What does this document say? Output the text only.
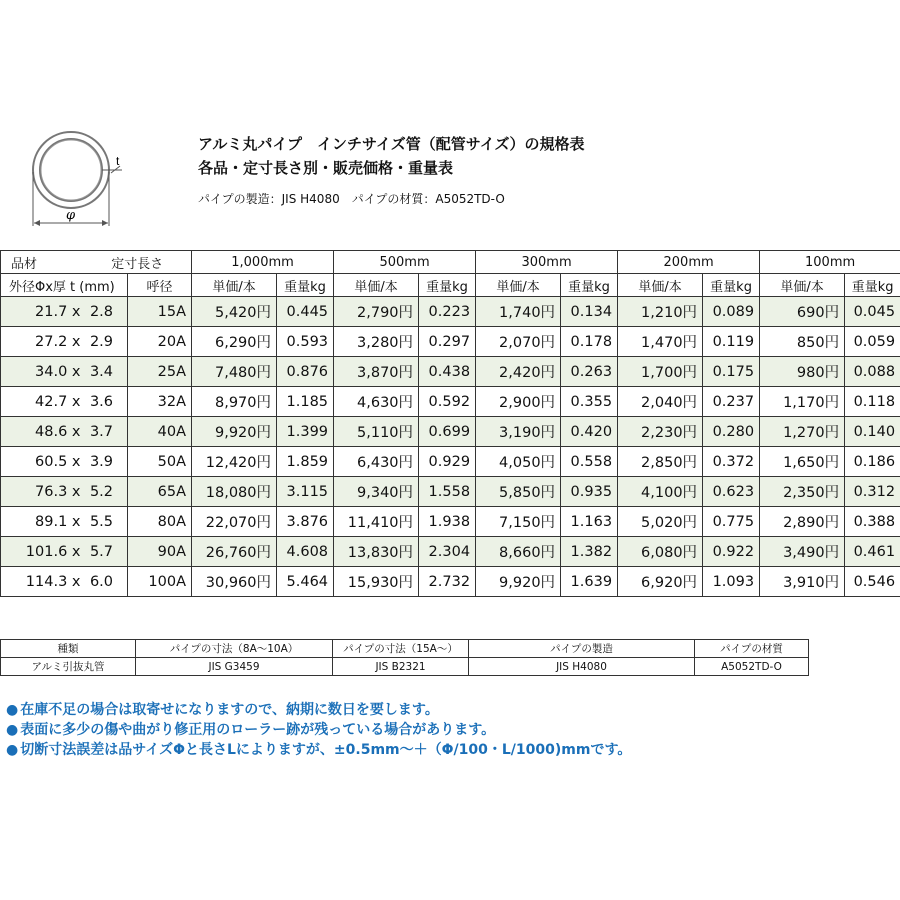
t
φ
アルミ丸パイプ　インチサイズ管（配管サイズ）の規格表
各品・定寸長さ別・販売価格・重量表
パイプの製造：JIS H4080　パイプの材質：A5052TD-O
品材	定寸長さ		1,000mm		500mm		300mm		200mm		100mm	
外径Φx厚 t (mm)		呼径	単価/本	重量kg	単価/本	重量kg	単価/本	重量kg	単価/本	重量kg	単価/本	重量kg
21.7 x	2.8	15A	5,420円	0.445	2,790円	0.223	1,740円	0.134	1,210円	0.089	690円	0.045
27.2 x	2.9	20A	6,290円	0.593	3,280円	0.297	2,070円	0.178	1,470円	0.119	850円	0.059
34.0 x	3.4	25A	7,480円	0.876	3,870円	0.438	2,420円	0.263	1,700円	0.175	980円	0.088
42.7 x	3.6	32A	8,970円	1.185	4,630円	0.592	2,900円	0.355	2,040円	0.237	1,170円	0.118
48.6 x	3.7	40A	9,920円	1.399	5,110円	0.699	3,190円	0.420	2,230円	0.280	1,270円	0.140
60.5 x	3.9	50A	12,420円	1.859	6,430円	0.929	4,050円	0.558	2,850円	0.372	1,650円	0.186
76.3 x	5.2	65A	18,080円	3.115	9,340円	1.558	5,850円	0.935	4,100円	0.623	2,350円	0.312
89.1 x	5.5	80A	22,070円	3.876	11,410円	1.938	7,150円	1.163	5,020円	0.775	2,890円	0.388
101.6 x	5.7	90A	26,760円	4.608	13,830円	2.304	8,660円	1.382	6,080円	0.922	3,490円	0.461
114.3 x	6.0	100A	30,960円	5.464	15,930円	2.732	9,920円	1.639	6,920円	1.093	3,910円	0.546
種類	パイプの寸法（8A〜10A）	パイプの寸法（15A〜）	パイプの製造	パイプの材質
アルミ引抜丸管	JIS G3459	JIS B2321	JIS H4080	A5052TD-O
● 在庫不足の場合は取寄せになりますので、納期に数日を要します。
● 表面に多少の傷や曲がり修正用のローラー跡が残っている場合があります。
● 切断寸法誤差は品サイズΦと長さLによりますが、±0.5mm〜＋（Φ/100・L/1000)mmです。
